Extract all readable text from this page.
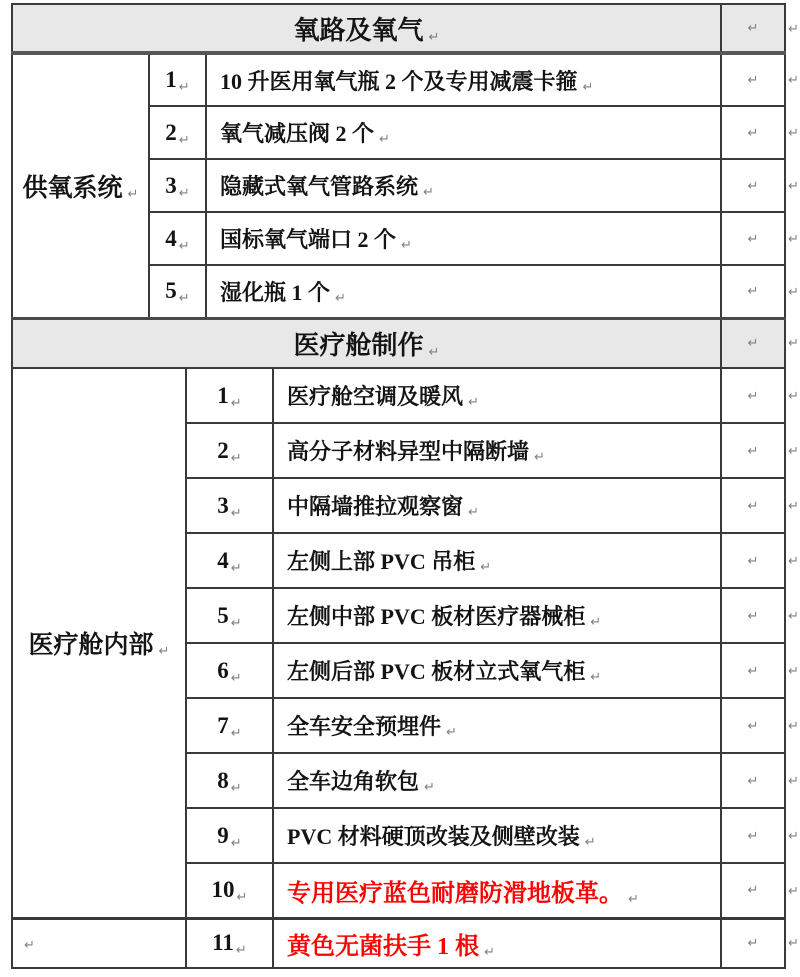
氧路及氧气 ↵					↵	↵
供氧系统 ↵	1 ↵		10 升医用氧气瓶 2 个及专用减震卡箍 ↵		↵	↵
	2 ↵		氧气减压阀 2 个 ↵		↵	↵
	3 ↵		隐藏式氧气管路系统 ↵		↵	↵
	4 ↵		国标氧气端口 2 个 ↵		↵	↵
	5 ↵		湿化瓶 1 个 ↵		↵	↵
医疗舱制作 ↵					↵	↵
医疗舱内部 ↵		1 ↵		医疗舱空调及暖风 ↵	↵	↵
		2 ↵		高分子材料异型中隔断墙 ↵	↵	↵
		3 ↵		中隔墙推拉观察窗 ↵	↵	↵
		4 ↵		左侧上部 PVC 吊柜 ↵	↵	↵
		5 ↵		左侧中部 PVC 板材医疗器械柜 ↵	↵	↵
		6 ↵		左侧后部 PVC 板材立式氧气柜 ↵	↵	↵
		7 ↵		全车安全预埋件 ↵	↵	↵
		8 ↵		全车边角软包 ↵	↵	↵
		9 ↵		PVC 材料硬顶改装及侧壁改装 ↵	↵	↵
		10 ↵		专用医疗蓝色耐磨防滑地板革。 ↵	↵	↵
↵		11 ↵		黄色无菌扶手 1 根 ↵	↵	↵
